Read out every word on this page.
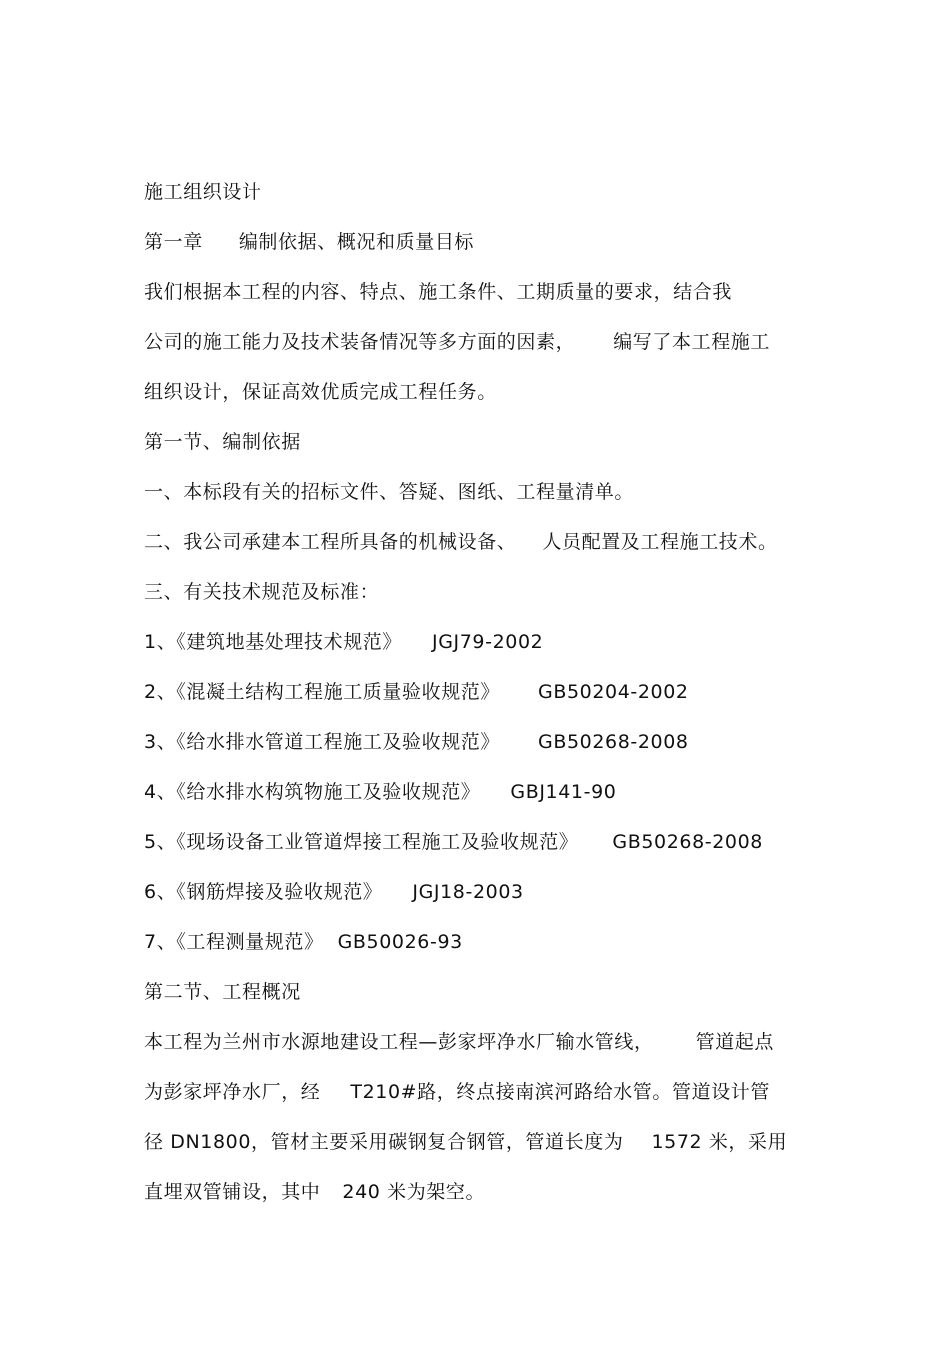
施工组织设计
第一章 编制依据、概况和质量目标
我们根据本工程的内容、特点、施工条件、工期质量的要求，结合我
公司的施工能力及技术装备情况等多方面的因素， 编写了本工程施工
组织设计，保证高效优质完成工程任务。
第一节、编制依据
一、本标段有关的招标文件、答疑、图纸、工程量清单。
二、我公司承建本工程所具备的机械设备、 人员配置及工程施工技术。
三、有关技术规范及标准：
1、《建筑地基处理技术规范》 JGJ79-2002
2、《混凝土结构工程施工质量验收规范》 GB50204-2002
3、《给水排水管道工程施工及验收规范》 GB50268-2008
4、《给水排水构筑物施工及验收规范》 GBJ141-90
5、《现场设备工业管道焊接工程施工及验收规范》 GB50268-2008
6、《钢筋焊接及验收规范》 JGJ18-2003
7、《工程测量规范》 GB50026-93
第二节、工程概况
本工程为兰州市水源地建设工程—彭家坪净水厂输水管线， 管道起点
为彭家坪净水厂，经 T210#路，终点接南滨河路给水管。管道设计管
径 DN1800，管材主要采用碳钢复合钢管，管道长度为 1572 米，采用
直埋双管铺设，其中 240 米为架空。
